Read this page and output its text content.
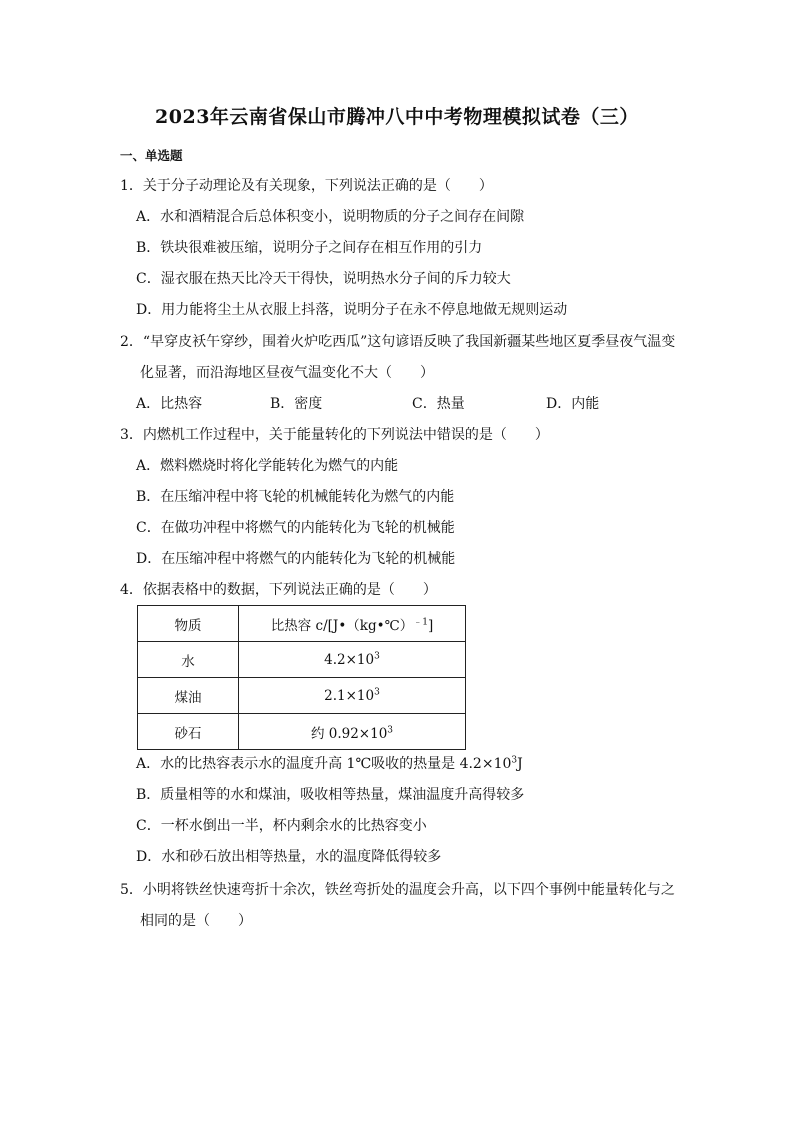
2023年云南省保山市腾冲八中中考物理模拟试卷（三）
一、单选题
1．关于分子动理论及有关现象，下列说法正确的是（　　）
A．水和酒精混合后总体积变小，说明物质的分子之间存在间隙
B．铁块很难被压缩，说明分子之间存在相互作用的引力
C．湿衣服在热天比冷天干得快，说明热水分子间的斥力较大
D．用力能将尘土从衣服上抖落，说明分子在永不停息地做无规则运动
2．“早穿皮袄午穿纱，围着火炉吃西瓜”这句谚语反映了我国新疆某些地区夏季昼夜气温变
化显著，而沿海地区昼夜气温变化不大（　　）
A．比热容	B．密度	C．热量	D．内能
3．内燃机工作过程中，关于能量转化的下列说法中错误的是（　　）
A．燃料燃烧时将化学能转化为燃气的内能
B．在压缩冲程中将飞轮的机械能转化为燃气的内能
C．在做功冲程中将燃气的内能转化为飞轮的机械能
D．在压缩冲程中将燃气的内能转化为飞轮的机械能
4．依据表格中的数据，下列说法正确的是（　　）
物质	比热容 c/[J•（kg•℃）$^{﹣1}$]
水	$4.2\times 10^3$
煤油	$2.1\times 10^3$
砂石	约 $0.92\times 10^3$
A．水的比热容表示水的温度升高 1℃吸收的热量是 $4.2\times 10^3J$
B．质量相等的水和煤油，吸收相等热量，煤油温度升高得较多
C．一杯水倒出一半，杯内剩余水的比热容变小
D．水和砂石放出相等热量，水的温度降低得较多
5．小明将铁丝快速弯折十余次，铁丝弯折处的温度会升高，以下四个事例中能量转化与之
相同的是（　　）
